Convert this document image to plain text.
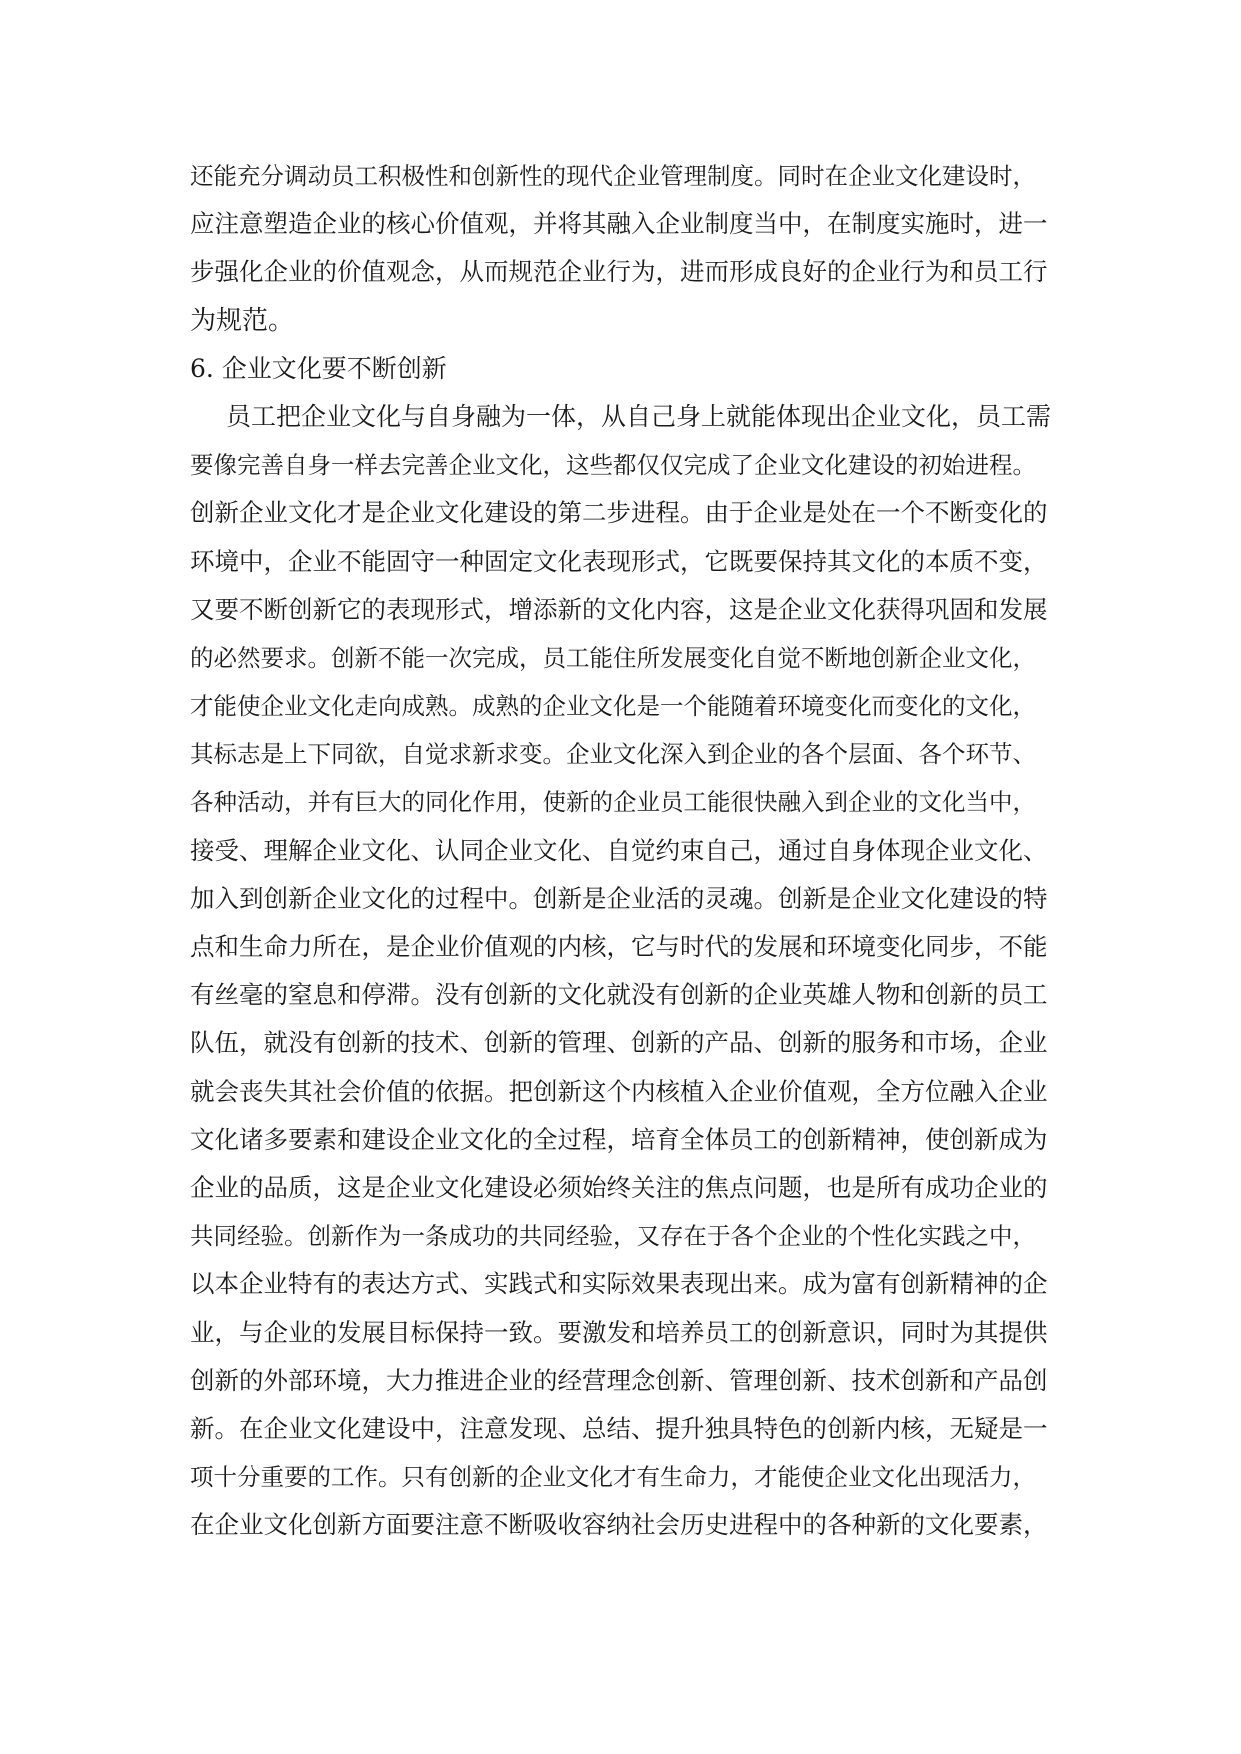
还能充分调动员工积极性和创新性的现代企业管理制度。同时在企业文化建设时，
应注意塑造企业的核心价值观，并将其融入企业制度当中，在制度实施时，进一
步强化企业的价值观念，从而规范企业行为，进而形成良好的企业行为和员工行
为规范。
6. 企业文化要不断创新
员工把企业文化与自身融为一体，从自己身上就能体现出企业文化，员工需
要像完善自身一样去完善企业文化，这些都仅仅完成了企业文化建设的初始进程。
创新企业文化才是企业文化建设的第二步进程。由于企业是处在一个不断变化的
环境中，企业不能固守一种固定文化表现形式，它既要保持其文化的本质不变，
又要不断创新它的表现形式，增添新的文化内容，这是企业文化获得巩固和发展
的必然要求。创新不能一次完成，员工能住所发展变化自觉不断地创新企业文化，
才能使企业文化走向成熟。成熟的企业文化是一个能随着环境变化而变化的文化，
其标志是上下同欲，自觉求新求变。企业文化深入到企业的各个层面、各个环节、
各种活动，并有巨大的同化作用，使新的企业员工能很快融入到企业的文化当中，
接受、理解企业文化、认同企业文化、自觉约束自己，通过自身体现企业文化、
加入到创新企业文化的过程中。创新是企业活的灵魂。创新是企业文化建设的特
点和生命力所在，是企业价值观的内核，它与时代的发展和环境变化同步，不能
有丝毫的窒息和停滞。没有创新的文化就没有创新的企业英雄人物和创新的员工
队伍，就没有创新的技术、创新的管理、创新的产品、创新的服务和市场，企业
就会丧失其社会价值的依据。把创新这个内核植入企业价值观，全方位融入企业
文化诸多要素和建设企业文化的全过程，培育全体员工的创新精神，使创新成为
企业的品质，这是企业文化建设必须始终关注的焦点问题，也是所有成功企业的
共同经验。创新作为一条成功的共同经验，又存在于各个企业的个性化实践之中，
以本企业特有的表达方式、实践式和实际效果表现出来。成为富有创新精神的企
业，与企业的发展目标保持一致。要激发和培养员工的创新意识，同时为其提供
创新的外部环境，大力推进企业的经营理念创新、管理创新、技术创新和产品创
新。在企业文化建设中，注意发现、总结、提升独具特色的创新内核，无疑是一
项十分重要的工作。只有创新的企业文化才有生命力，才能使企业文化出现活力，
在企业文化创新方面要注意不断吸收容纳社会历史进程中的各种新的文化要素，
